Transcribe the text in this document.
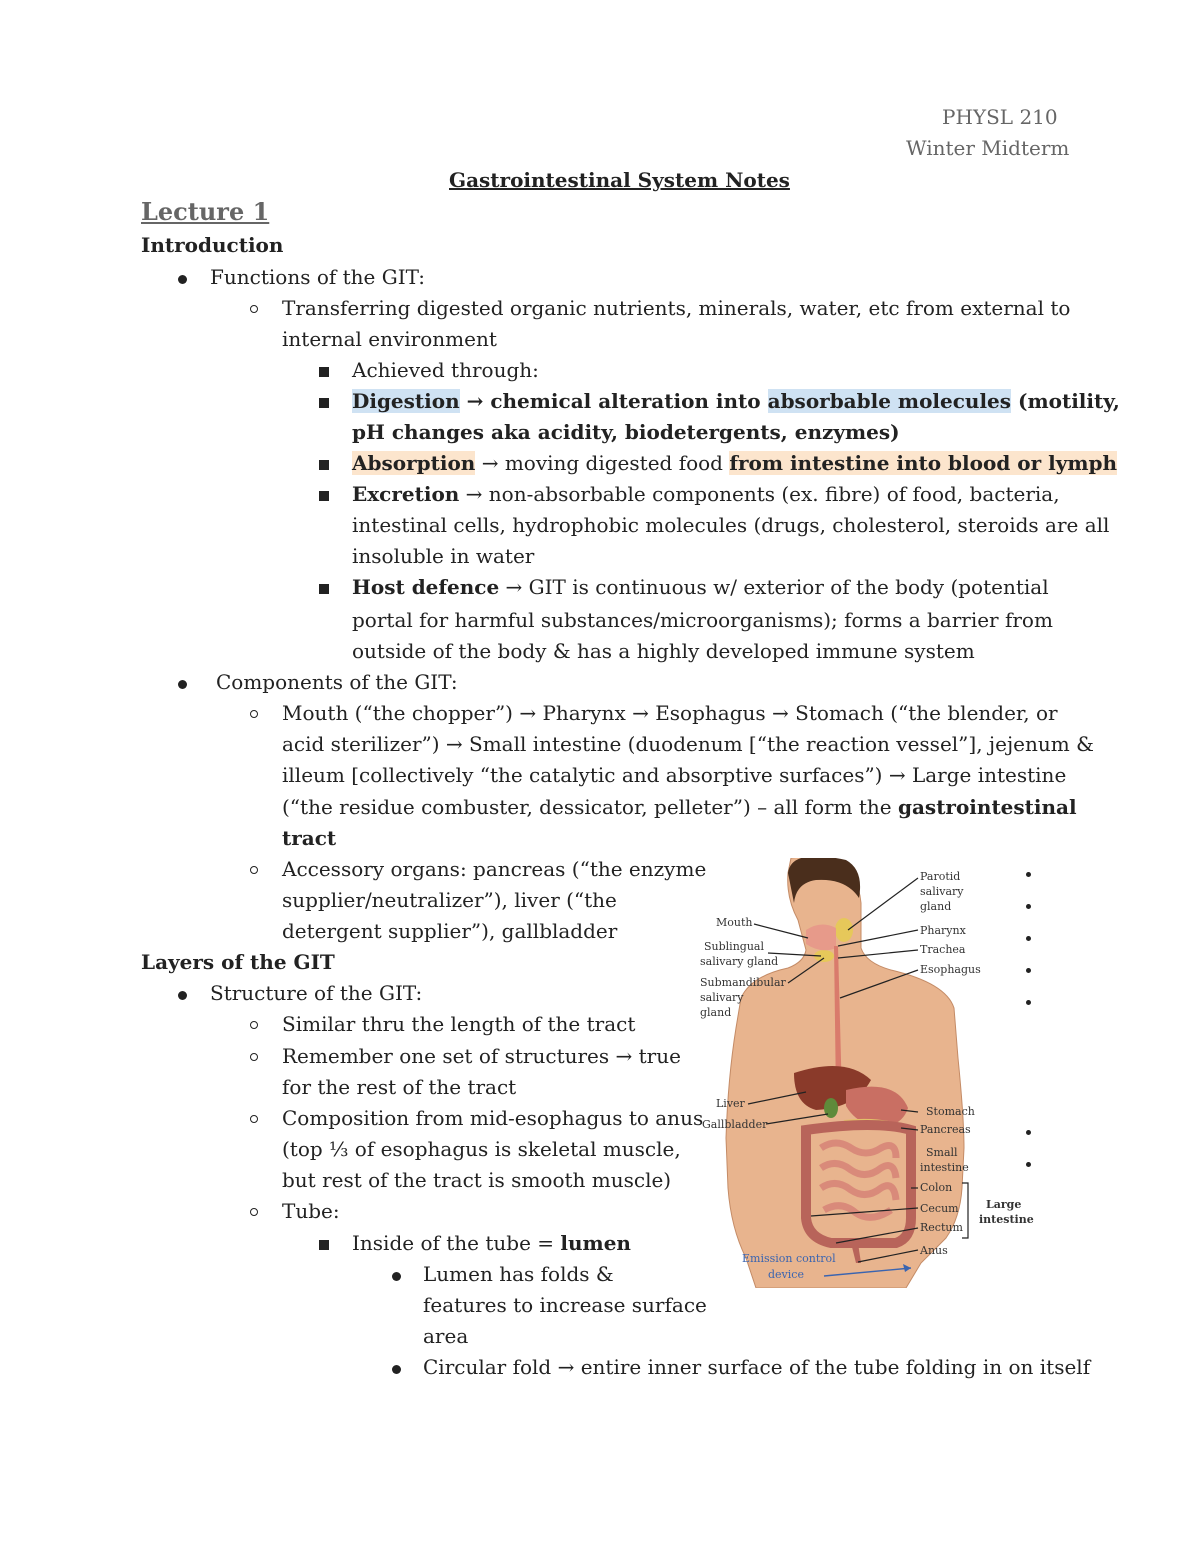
PHYSL 210
Winter Midterm
Gastrointestinal System Notes
Lecture 1
Introduction
Functions of the GIT:
Transferring digested organic nutrients, minerals, water, etc from external to
internal environment
Achieved through:
Digestion → chemical alteration into absorbable molecules (motility,
pH changes aka acidity, biodetergents, enzymes)
Absorption → moving digested food from intestine into blood or lymph
Excretion → non-absorbable components (ex. fibre) of food, bacteria,
intestinal cells, hydrophobic molecules (drugs, cholesterol, steroids are all
insoluble in water
Host defence → GIT is continuous w/ exterior of the body (potential
portal for harmful substances/microorganisms); forms a barrier from
outside of the body & has a highly developed immune system
Components of the GIT:
Mouth (“the chopper”) → Pharynx → Esophagus → Stomach (“the blender, or
acid sterilizer”) → Small intestine (duodenum [“the reaction vessel”], jejenum &
illeum [collectively “the catalytic and absorptive surfaces”) → Large intestine
(“the residue combuster, dessicator, pelleter”) – all form the gastrointestinal
tract
Accessory organs: pancreas (“the enzyme
supplier/neutralizer”), liver (“the
detergent supplier”), gallbladder
Layers of the GIT
Structure of the GIT:
Similar thru the length of the tract
Remember one set of structures → true
for the rest of the tract
Composition from mid-esophagus to anus
(top ⅓ of esophagus is skeletal muscle,
but rest of the tract is smooth muscle)
Tube:
Inside of the tube = lumen
Lumen has folds &
features to increase surface
area
Circular fold → entire inner surface of the tube folding in on itself
Mouth
Sublingual
salivary gland
Submandibular
salivary
gland
Parotid
salivary
gland
Pharynx
Trachea
Esophagus
Liver
Gallbladder
Stomach
Pancreas
Small
intestine
Colon
Cecum
Rectum
Anus
Large
intestine
Emission control
device
